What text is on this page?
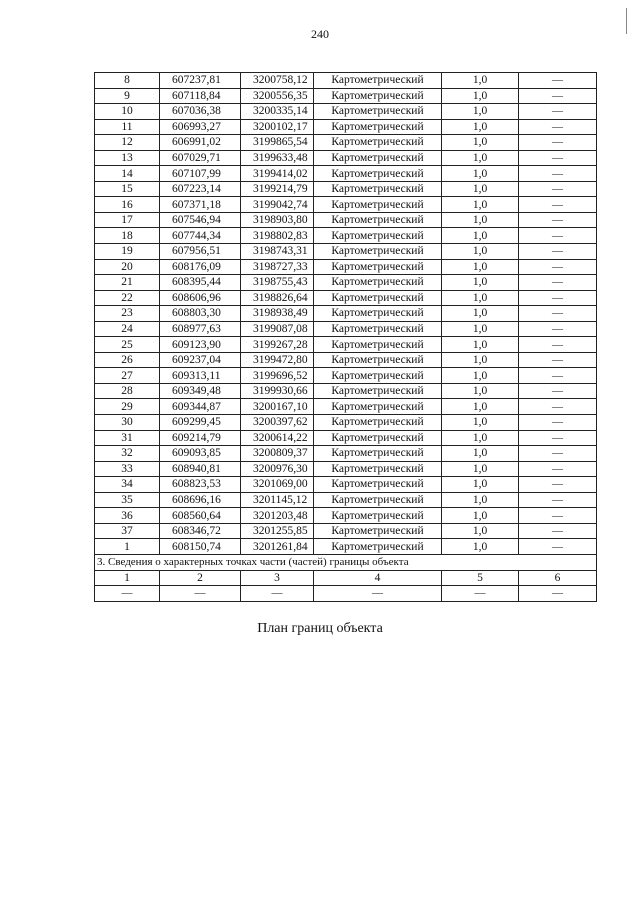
240
8	607237,81	3200758,12	Картометрический	1,0	—
9	607118,84	3200556,35	Картометрический	1,0	—
10	607036,38	3200335,14	Картометрический	1,0	—
11	606993,27	3200102,17	Картометрический	1,0	—
12	606991,02	3199865,54	Картометрический	1,0	—
13	607029,71	3199633,48	Картометрический	1,0	—
14	607107,99	3199414,02	Картометрический	1,0	—
15	607223,14	3199214,79	Картометрический	1,0	—
16	607371,18	3199042,74	Картометрический	1,0	—
17	607546,94	3198903,80	Картометрический	1,0	—
18	607744,34	3198802,83	Картометрический	1,0	—
19	607956,51	3198743,31	Картометрический	1,0	—
20	608176,09	3198727,33	Картометрический	1,0	—
21	608395,44	3198755,43	Картометрический	1,0	—
22	608606,96	3198826,64	Картометрический	1,0	—
23	608803,30	3198938,49	Картометрический	1,0	—
24	608977,63	3199087,08	Картометрический	1,0	—
25	609123,90	3199267,28	Картометрический	1,0	—
26	609237,04	3199472,80	Картометрический	1,0	—
27	609313,11	3199696,52	Картометрический	1,0	—
28	609349,48	3199930,66	Картометрический	1,0	—
29	609344,87	3200167,10	Картометрический	1,0	—
30	609299,45	3200397,62	Картометрический	1,0	—
31	609214,79	3200614,22	Картометрический	1,0	—
32	609093,85	3200809,37	Картометрический	1,0	—
33	608940,81	3200976,30	Картометрический	1,0	—
34	608823,53	3201069,00	Картометрический	1,0	—
35	608696,16	3201145,12	Картометрический	1,0	—
36	608560,64	3201203,48	Картометрический	1,0	—
37	608346,72	3201255,85	Картометрический	1,0	—
1	608150,74	3201261,84	Картометрический	1,0	—
3. Сведения о характерных точках части (частей) границы объекта					
1	2	3	4	5	6
—	—	—	—	—	—
План границ объекта
